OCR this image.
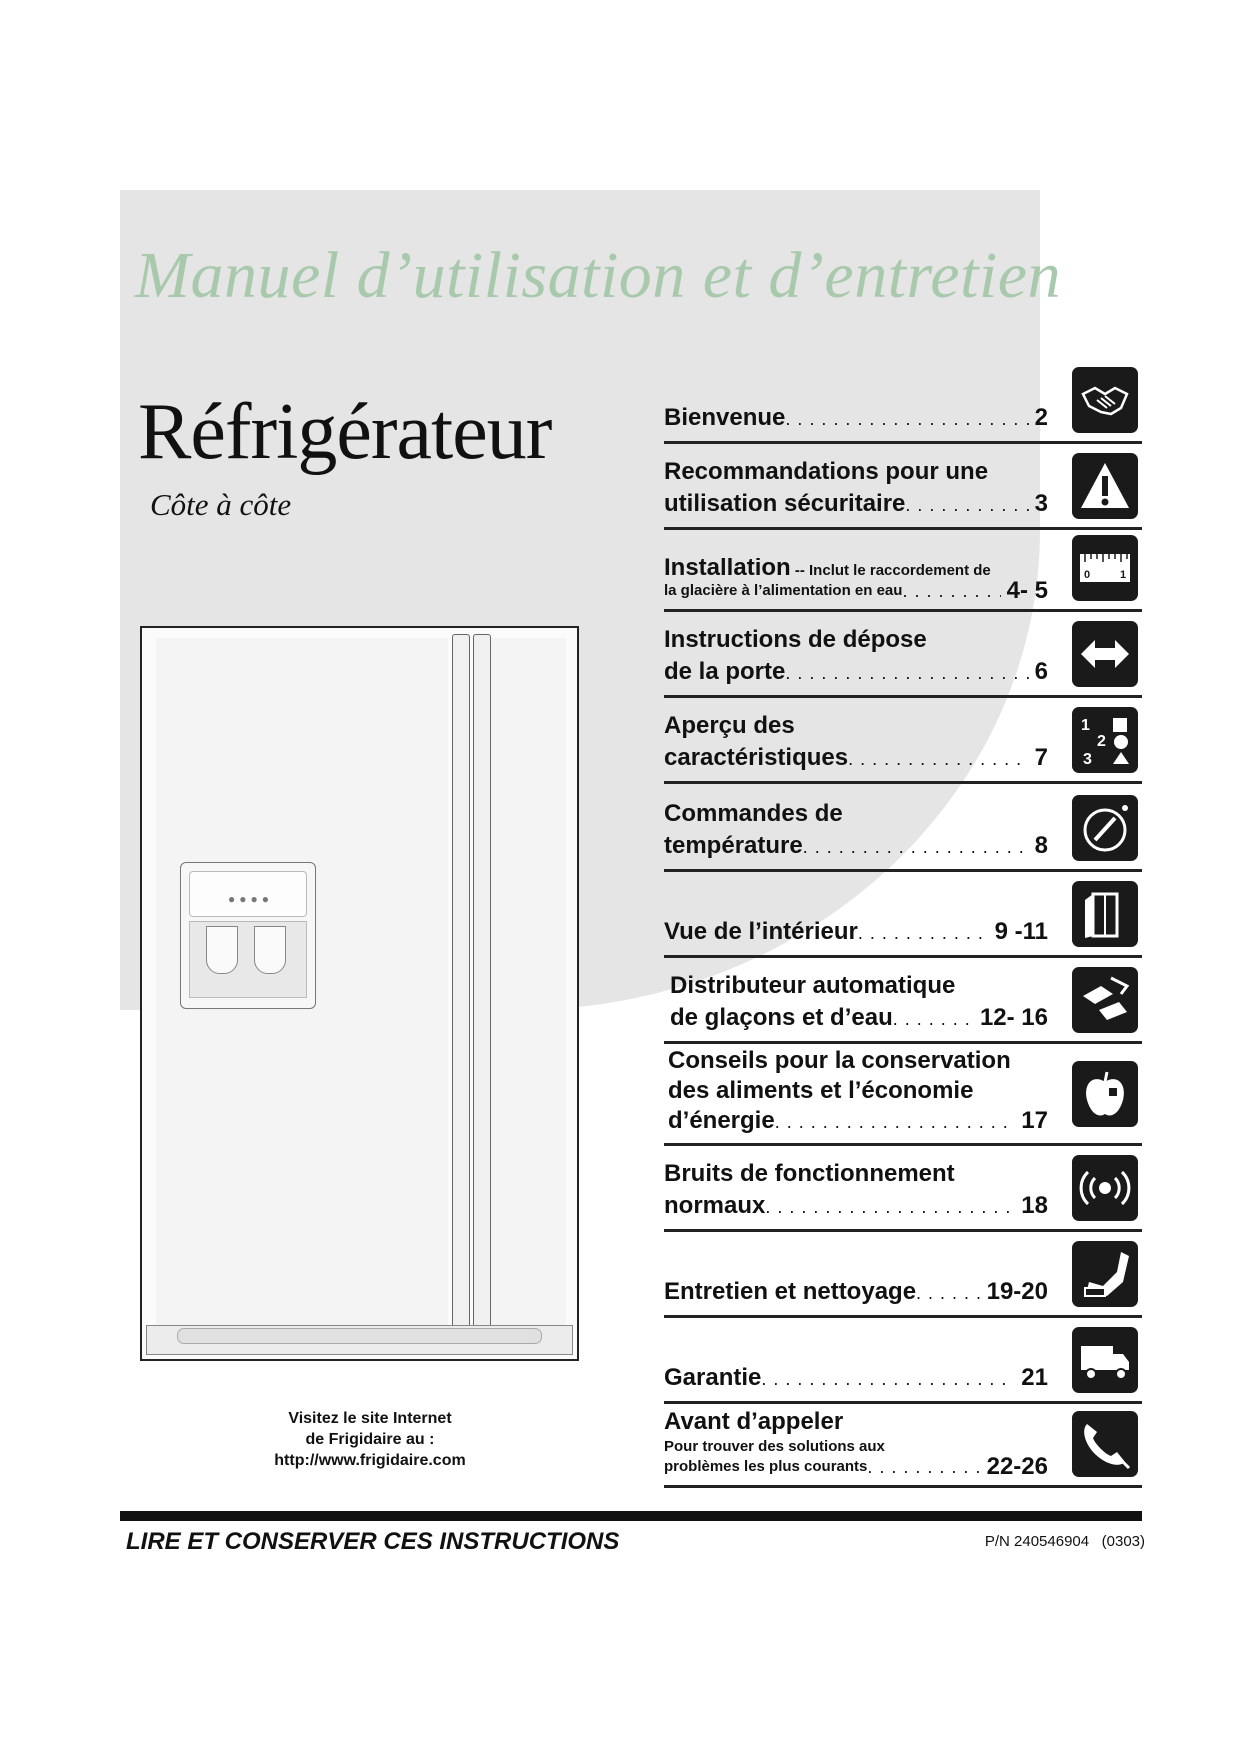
Manuel d’utilisation et d’entretien
Réfrigérateur
Côte à côte
●●●●
Visitez le site Internet
de Frigidaire au :
http://www.frigidaire.com
Bienvenue . . .	2
Recommandations pour une
utilisation sécuritaire . . .	3
Installation -- Inclut le raccordement de
la glacière à l’alimentation en eau . . .	4- 5
0	1
Instructions de dépose
de la porte . . .	6
Aperçu des
caractéristiques . . .	7
1
2
3
Commandes de
température . . .	8
Vue de l’intérieur . . .	9 -11
Distributeur automatique
de glaçons et d’eau . . .	12- 16
Conseils pour la conservation
des aliments et l’économie
d’énergie . . .	17
Bruits de fonctionnement
normaux . . .	18
Entretien et nettoyage . . .	19-20
Garantie . . .	21
Avant d’appeler
Pour trouver des solutions aux
problèmes les plus courants . . .	22-26
LIRE ET CONSERVER CES INSTRUCTIONS	P/N 240546904 (0303)
